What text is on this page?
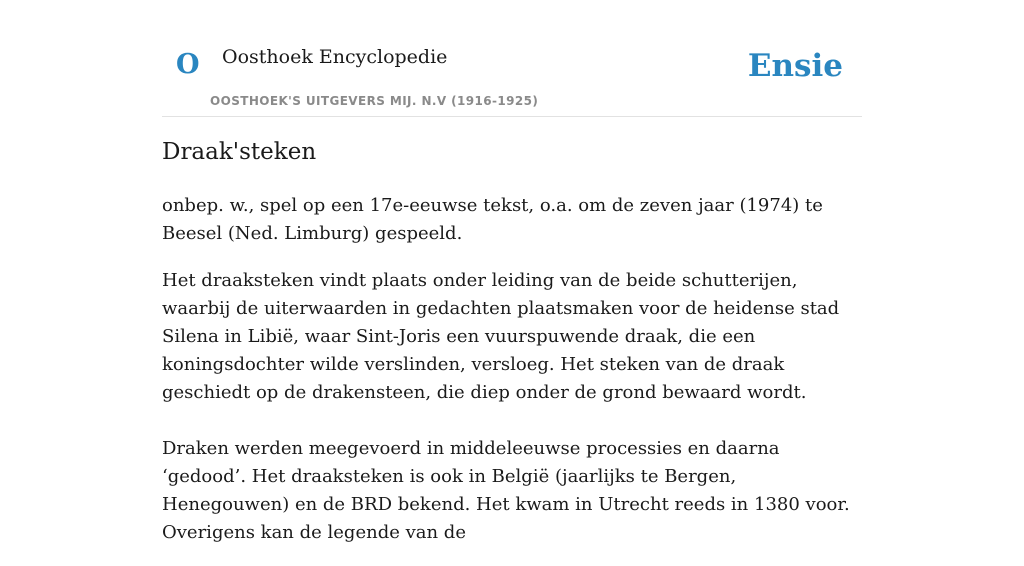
O Oosthoek Encyclopedie
OOSTHOEK'S UITGEVERS MIJ. N.V (1916-1925)
Ensie
Draak'steken

onbep. w., spel op een 17e-eeuwse tekst, o.a. om de zeven jaar (1974) te Beesel (Ned. Limburg) gespeeld.

Het draaksteken vindt plaats onder leiding van de beide schutterijen, waarbij de uiterwaarden in gedachten plaatsmaken voor de heidense stad Silena in Libië, waar Sint-Joris een vuurspuwende draak, die een koningsdochter wilde verslinden, versloeg. Het steken van de draak geschiedt op de drakensteen, die diep onder de grond bewaard wordt.

Draken werden meegevoerd in middeleeuwse processies en daarna ‘gedood’. Het draaksteken is ook in België (jaarlijks te Bergen, Henegouwen) en de BRD bekend. Het kwam in Utrecht reeds in 1380 voor. Overigens kan de legende van de
